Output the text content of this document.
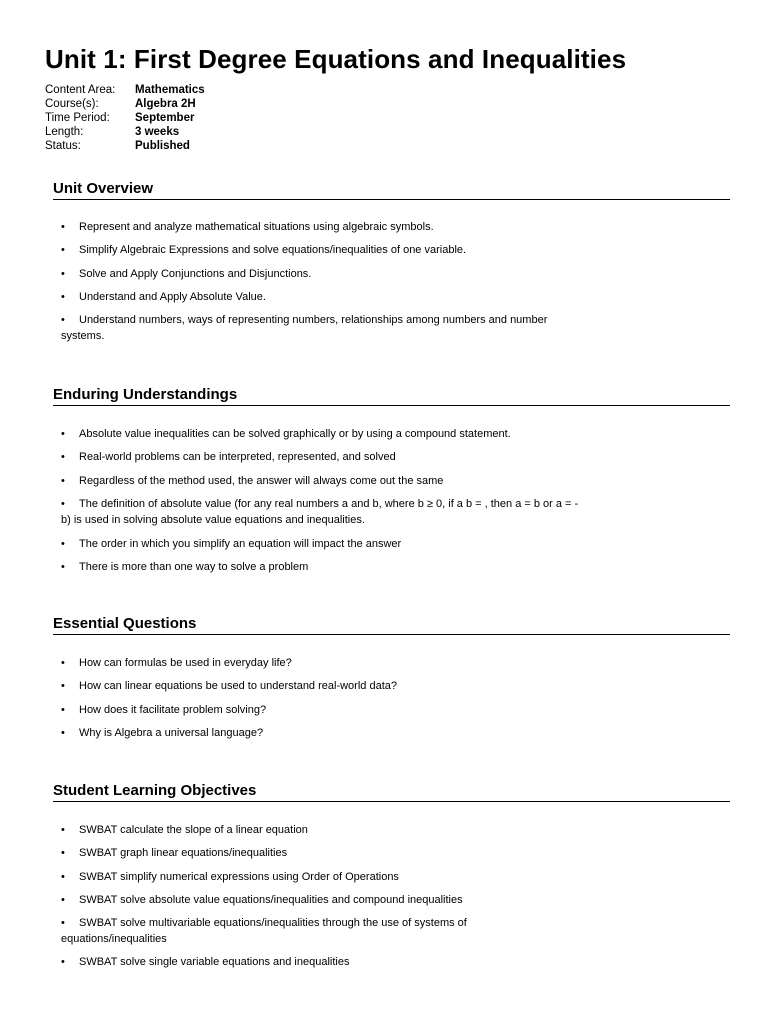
Unit 1: First Degree Equations and Inequalities
Content Area:	Mathematics
Course(s):	Algebra 2H
Time Period:	September
Length:	3 weeks
Status:	Published
Unit Overview
•	Represent and analyze mathematical situations using algebraic symbols.
•	Simplify Algebraic Expressions and solve equations/inequalities of one variable.
•	Solve and Apply Conjunctions and Disjunctions.
•	Understand and Apply Absolute Value.
•	Understand numbers, ways of representing numbers, relationships among numbers and number
systems.
Enduring Understandings
•	Absolute value inequalities can be solved graphically or by using a compound statement.
•	Real-world problems can be interpreted, represented, and solved
•	Regardless of the method used, the answer will always come out the same
•	The definition of absolute value (for any real numbers a and b, where b ≥ 0, if a b = , then a = b or a = -
b) is used in solving absolute value equations and inequalities.
•	The order in which you simplify an equation will impact the answer
•	There is more than one way to solve a problem
Essential Questions
•	How can formulas be used in everyday life?
•	How can linear equations be used to understand real-world data?
•	How does it facilitate problem solving?
•	Why is Algebra a universal language?
Student Learning Objectives
•	SWBAT calculate the slope of a linear equation
•	SWBAT graph linear equations/inequalities
•	SWBAT simplify numerical expressions using Order of Operations
•	SWBAT solve absolute value equations/inequalities and compound inequalities
•	SWBAT solve multivariable equations/inequalities through the use of systems of
equations/inequalities
•	SWBAT solve single variable equations and inequalities
